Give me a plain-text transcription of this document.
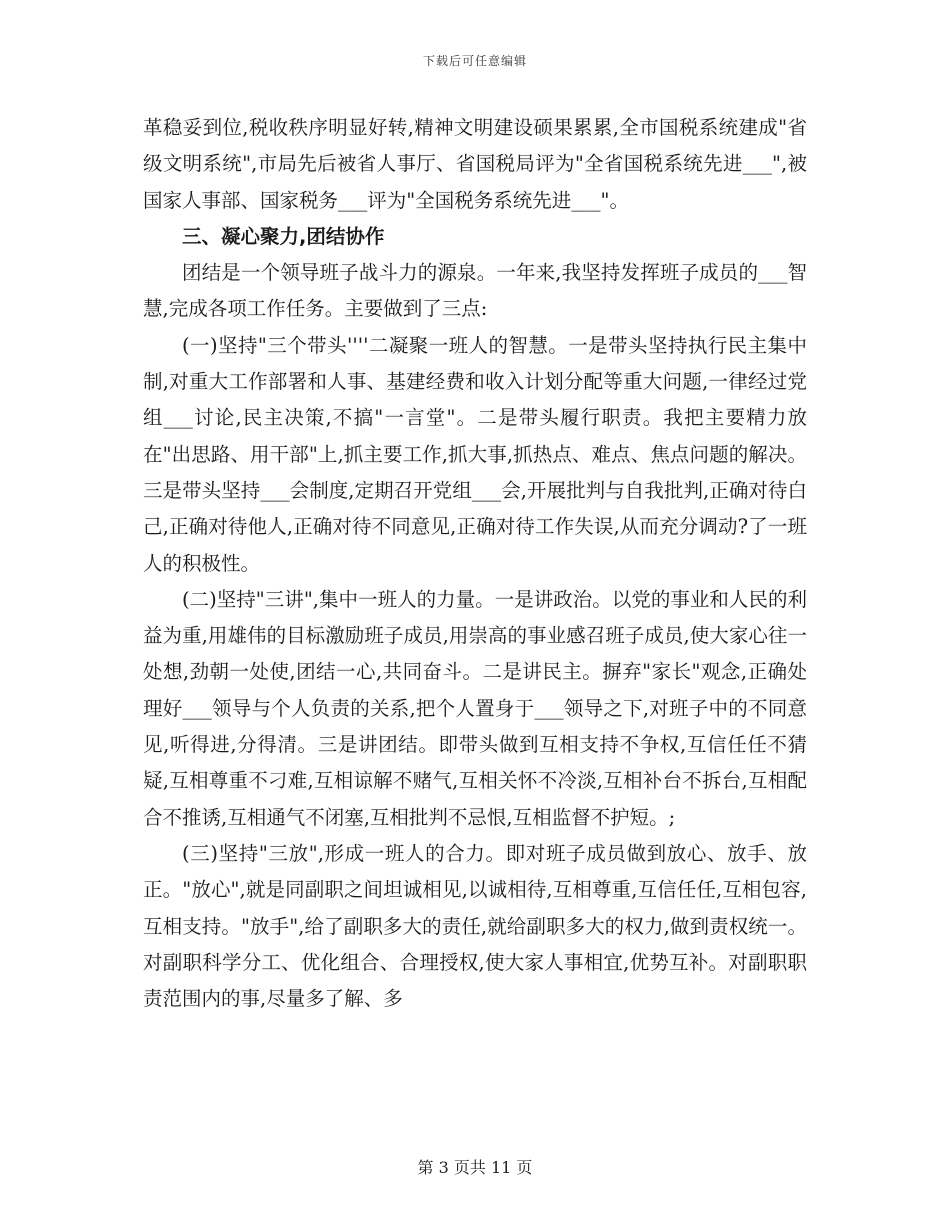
下载后可任意编辑

革稳妥到位,税收秩序明显好转,精神文明建设硕果累累,全市国税系统建成"省级文明系统",市局先后被省人事厅、省国税局评为"全省国税系统先进___",被国家人事部、国家税务___评为"全国税务系统先进___"。

三、凝心聚力,团结协作

团结是一个领导班子战斗力的源泉。一年来,我坚持发挥班子成员的___智慧,完成各项工作任务。主要做到了三点:

(一)坚持"三个带头''''二凝聚一班人的智慧。一是带头坚持执行民主集中制,对重大工作部署和人事、基建经费和收入计划分配等重大问题,一律经过党组___讨论,民主决策,不搞"一言堂"。二是带头履行职责。我把主要精力放在"出思路、用干部"上,抓主要工作,抓大事,抓热点、难点、焦点问题的解决。三是带头坚持___会制度,定期召开党组___会,开展批判与自我批判,正确对待白己,正确对待他人,正确对待不同意见,正确对待工作失误,从而充分调动?了一班人的积极性。

(二)坚持"三讲",集中一班人的力量。一是讲政治。以党的事业和人民的利益为重,用雄伟的目标激励班子成员,用崇高的事业感召班子成员,使大家心往一处想,劲朝一处使,团结一心,共同奋斗。二是讲民主。摒弃"家长"观念,正确处理好___领导与个人负责的关系,把个人置身于___领导之下,对班子中的不同意见,听得进,分得清。三是讲团结。即带头做到互相支持不争权,互信任任不猜疑,互相尊重不刁难,互相谅解不赌气,互相关怀不冷淡,互相补台不拆台,互相配合不推诱,互相通气不闭塞,互相批判不忌恨,互相监督不护短。;

(三)坚持"三放",形成一班人的合力。即对班子成员做到放心、放手、放正。"放心",就是同副职之间坦诚相见,以诚相待,互相尊重,互信任任,互相包容,互相支持。"放手",给了副职多大的责任,就给副职多大的权力,做到责权统一。对副职科学分工、优化组合、合理授权,使大家人事相宜,优势互补。对副职职责范围内的事,尽量多了解、多

第 3 页共 11 页
